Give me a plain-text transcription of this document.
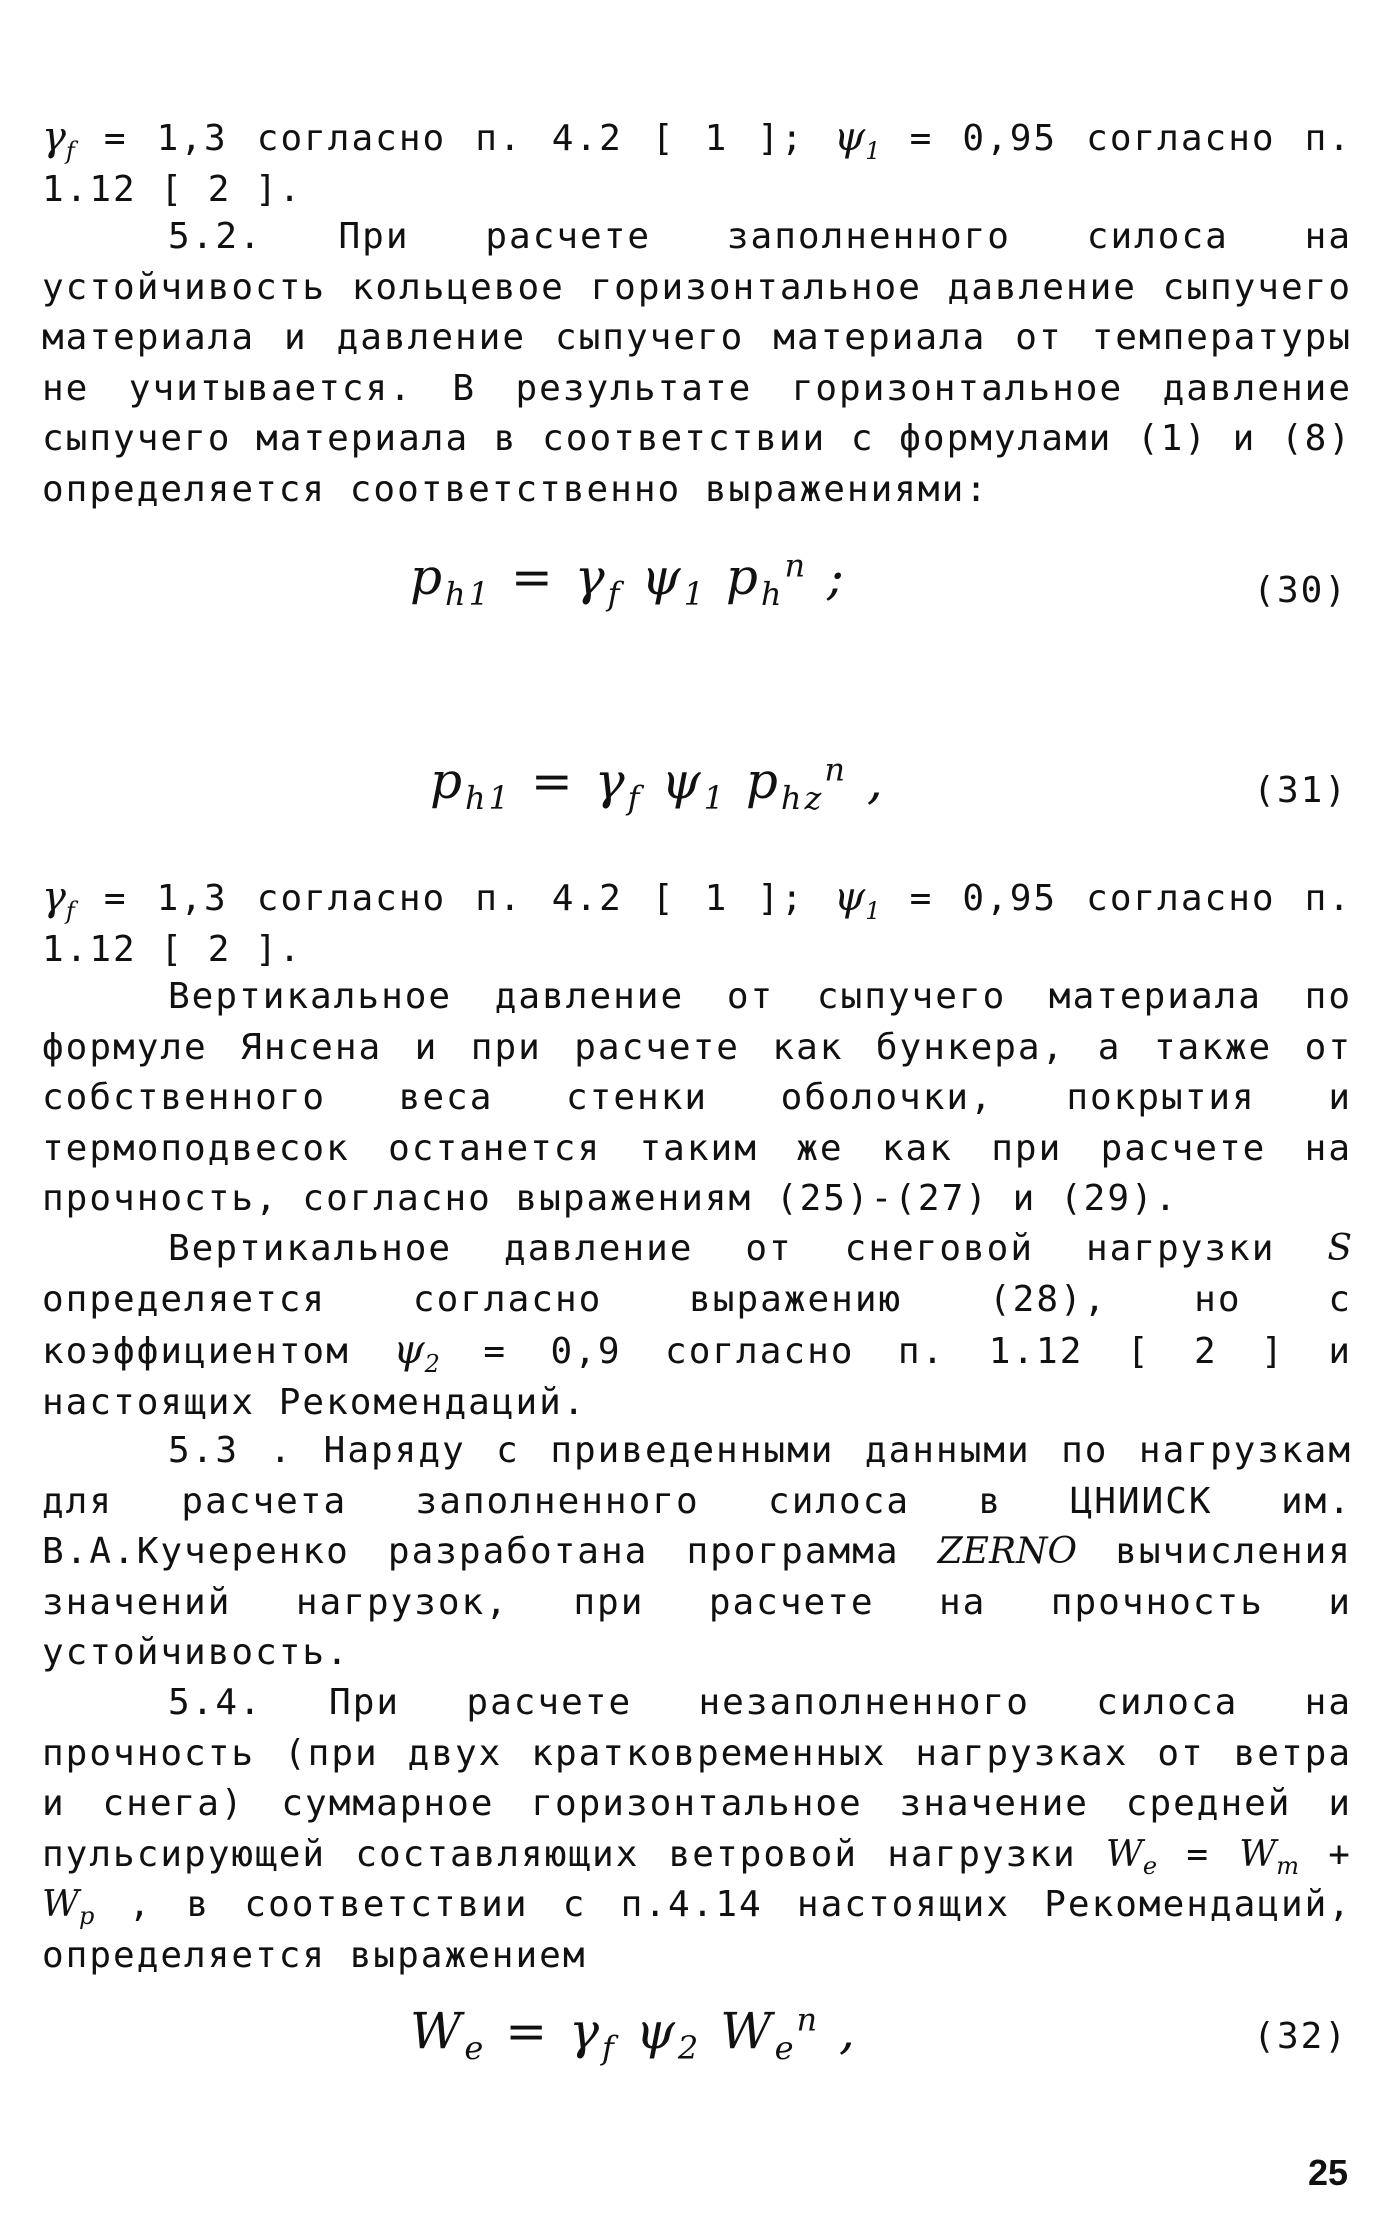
$\gamma_f = 1,3$ согласно п. 4.2 [ 1 ]; $\psi_1 = 0,95$ согласно п. 1.12 [ 2 ].
5.2. При расчете заполненного силоса на устойчивость кольцевое горизонтальное давление сыпучего материала и давление сыпучего материала от температуры не учитывается. В результате горизонтальное давление сыпучего материала в соответствии с формулами (1) и (8) определяется соответственно выражениями:
$p_{h1} = \gamma_f$ $\psi_1$ $p_h^n$ ;	(30)
$p_{h1} = \gamma_f$ $\psi_1$ $p_{hz}^n$ ,	(31)
$\gamma_f = 1,3$ согласно п. 4.2 [ 1 ]; $\psi_1 = 0,95$ согласно п. 1.12 [ 2 ].
Вертикальное давление от сыпучего материала по формуле Янсена и при расчете как бункера, а также от собственного веса стенки оболочки, покрытия и термоподвесок останется таким же как при расчете на прочность, согласно выражениям (25)-(27) и (29).
Вертикальное давление от снеговой нагрузки S определяется согласно выражению (28), но с коэффициентом $\psi_2 = 0,9$ согласно п. 1.12 [ 2 ] и настоящих Рекомендаций.
5.3 . Наряду с приведенными данными по нагрузкам для расчета заполненного силоса в ЦНИИСК им. В.А.Кучеренко разработана программа ZERNO вычисления значений нагрузок, при расчете на прочность и устойчивость.
5.4. При расчете незаполненного силоса на прочность (при двух кратковременных нагрузках от ветра и снега) суммарное горизонтальное значение средней и пульсирующей составляющих ветровой нагрузки $W_e = W_m + W_p$ , в соответствии с п.4.14 настоящих Рекомендаций, определяется выражением
$W_e = \gamma_f$ $\psi_2$ $W_e^n$ ,	(32)
25
